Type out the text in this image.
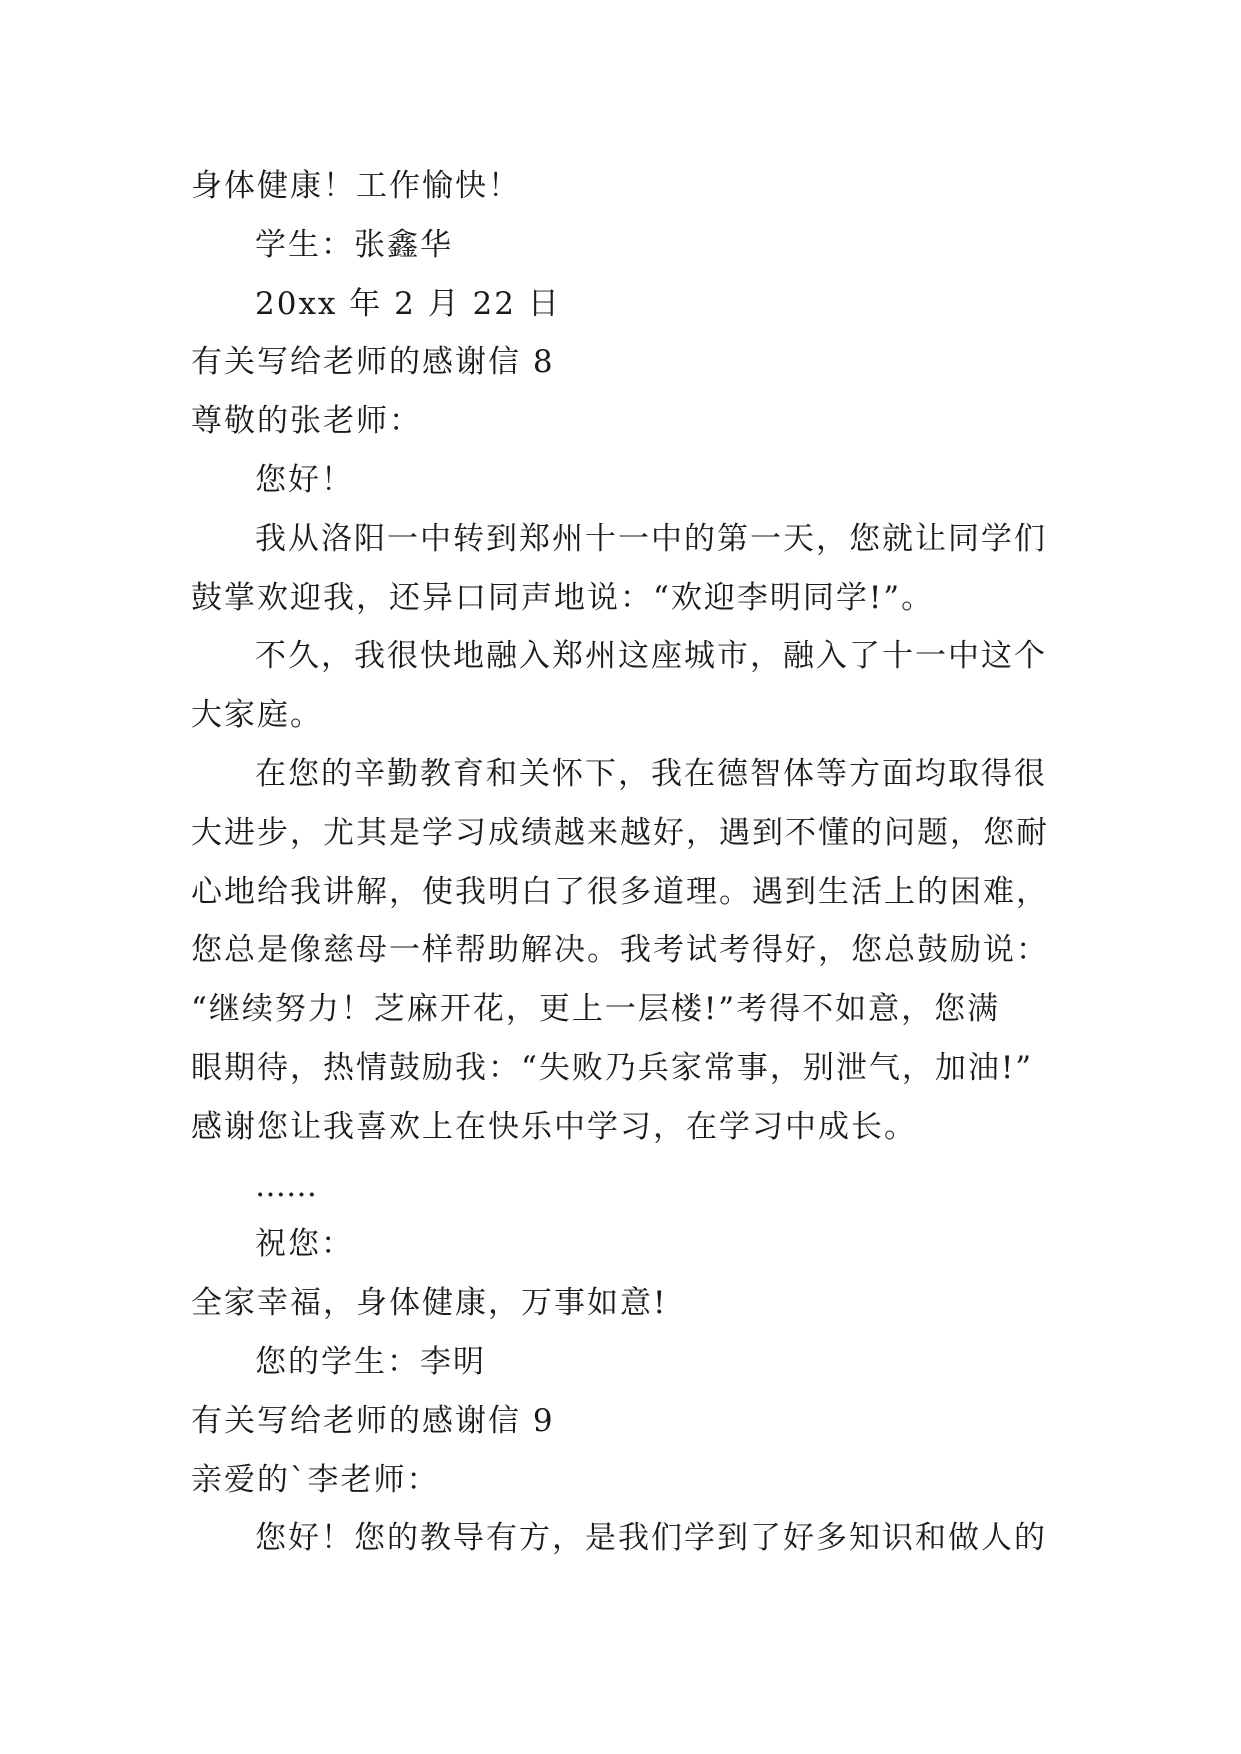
身体健康！工作愉快！
学生：张鑫华
20xx 年 2 月 22 日
有关写给老师的感谢信 8
尊敬的张老师：
您好！
我从洛阳一中转到郑州十一中的第一天，您就让同学们
鼓掌欢迎我，还异口同声地说：“欢迎李明同学!”。
不久，我很快地融入郑州这座城市，融入了十一中这个
大家庭。
在您的辛勤教育和关怀下，我在德智体等方面均取得很
大进步，尤其是学习成绩越来越好，遇到不懂的问题，您耐
心地给我讲解，使我明白了很多道理。遇到生活上的困难，
您总是像慈母一样帮助解决。我考试考得好，您总鼓励说：
“继续努力！芝麻开花，更上一层楼!”考得不如意，您满
眼期待，热情鼓励我：“失败乃兵家常事，别泄气，加油!”
感谢您让我喜欢上在快乐中学习，在学习中成长。
……
祝您：
全家幸福，身体健康，万事如意!
您的学生：李明
有关写给老师的感谢信 9
亲爱的`李老师：
您好！您的教导有方，是我们学到了好多知识和做人的
